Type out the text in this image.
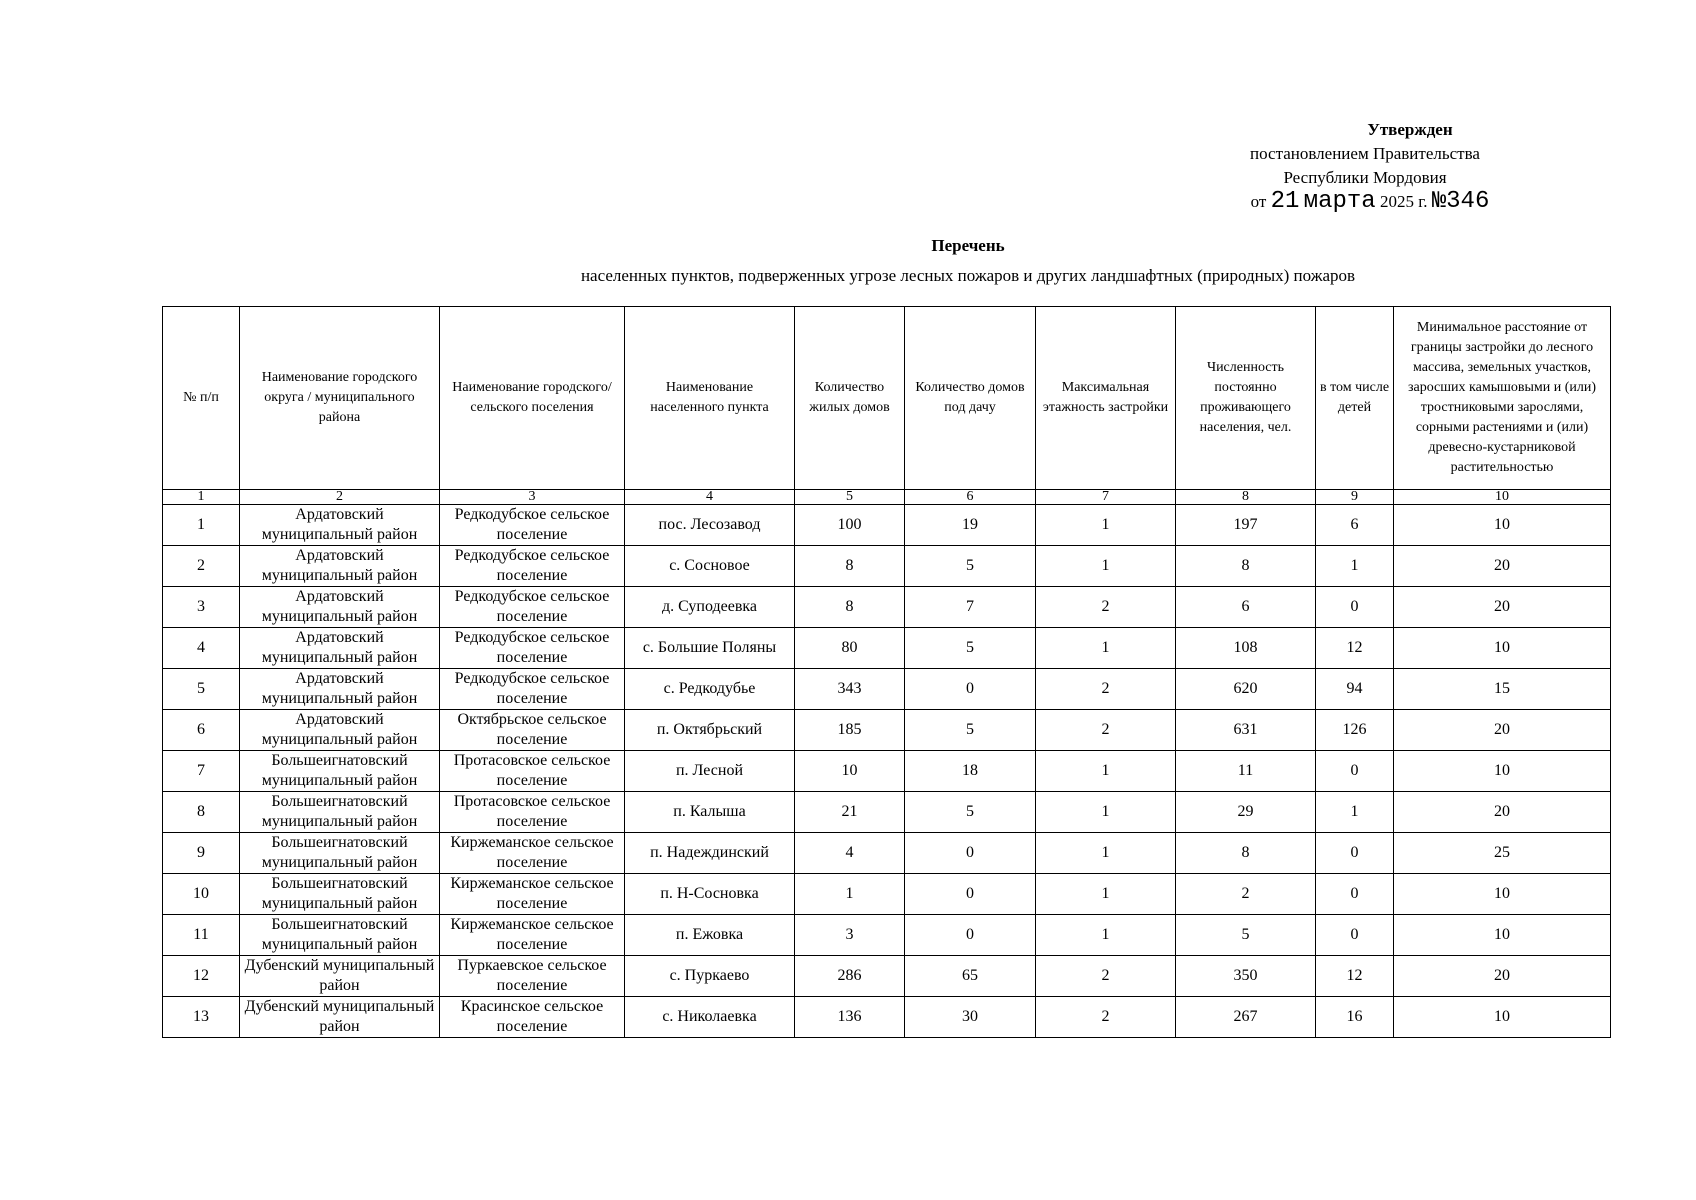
Утвержден
постановлением Правительства
Республики Мордовия
от 21 марта 2025 г. №346
Перечень
населенных пунктов, подверженных угрозе лесных пожаров и других ландшафтных (природных) пожаров
№ п/п	Наименование городского округа / муниципального района	Наименование городского/ сельского поселения	Наименование населенного пункта	Количество жилых домов	Количество домов под дачу	Максимальная этажность застройки	Численность постоянно проживающего населения, чел.	в том числе детей	Минимальное расстояние от границы застройки до лесного массива, земельных участков, заросших камышовыми и (или) тростниковыми зарослями, сорными растениями и (или) древесно-кустарниковой растительностью
1	2	3	4	5	6	7	8	9	10
1	Ардатовский муниципальный район	Редкодубское сельское поселение	пос. Лесозавод	100	19	1	197	6	10
2	Ардатовский муниципальный район	Редкодубское сельское поселение	с. Сосновое	8	5	1	8	1	20
3	Ардатовский муниципальный район	Редкодубское сельское поселение	д. Суподеевка	8	7	2	6	0	20
4	Ардатовский муниципальный район	Редкодубское сельское поселение	с. Большие Поляны	80	5	1	108	12	10
5	Ардатовский муниципальный район	Редкодубское сельское поселение	с. Редкодубье	343	0	2	620	94	15
6	Ардатовский муниципальный район	Октябрьское сельское поселение	п. Октябрьский	185	5	2	631	126	20
7	Большеигнатовский муниципальный район	Протасовское сельское поселение	п. Лесной	10	18	1	11	0	10
8	Большеигнатовский муниципальный район	Протасовское сельское поселение	п. Калыша	21	5	1	29	1	20
9	Большеигнатовский муниципальный район	Киржеманское сельское поселение	п. Надеждинский	4	0	1	8	0	25
10	Большеигнатовский муниципальный район	Киржеманское сельское поселение	п. Н-Сосновка	1	0	1	2	0	10
11	Большеигнатовский муниципальный район	Киржеманское сельское поселение	п. Ежовка	3	0	1	5	0	10
12	Дубенский муниципальный район	Пуркаевское сельское поселение	с. Пуркаево	286	65	2	350	12	20
13	Дубенский муниципальный район	Красинское сельское поселение	с. Николаевка	136	30	2	267	16	10
